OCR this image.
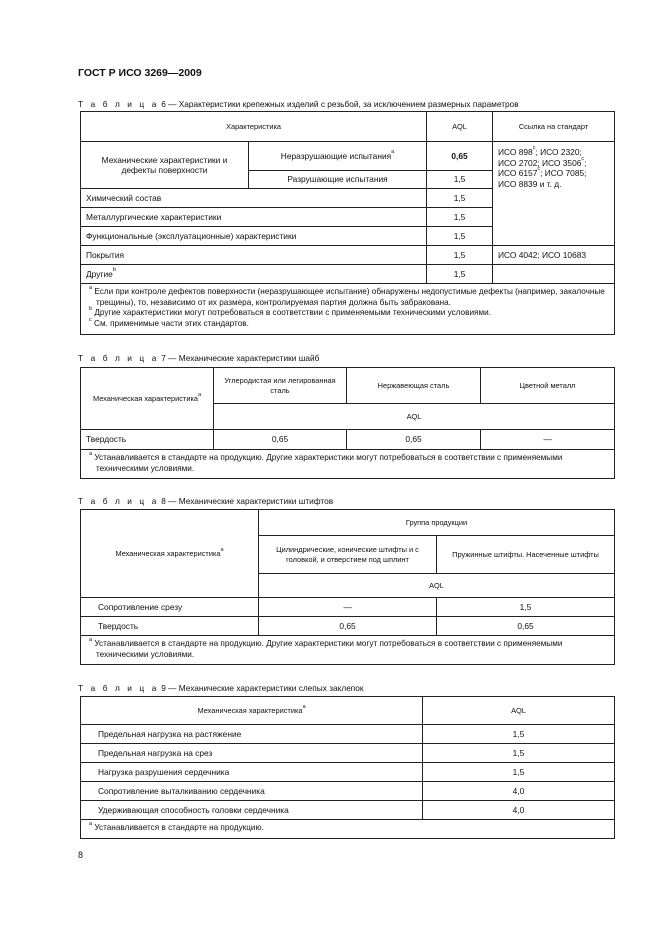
ГОСТ Р ИСО 3269—2009
Т а б л и ц а 6 — Характеристики крепежных изделий с резьбой, за исключением размерных параметров
Характеристика		AQL	Ссылка на стандарт
Механические характеристики и дефекты поверхности	Неразрушающие испытания$^a$	0,65	ИСО 898$^c$; ИСО 2320;
ИСО 2702; ИСО 3506$^c$;
ИСО 6157$^c$; ИСО 7085;
ИСО 8839 и т. д.

	Разрушающие испытания	1,5	
Химический состав		1,5	
Металлургические характеристики		1,5	
Функциональные (эксплуатационные) характеристики		1,5	
Покрытия		1,5	ИСО 4042; ИСО 10683
Другие$^b$		1,5	

$^a$ Если при контроле дефектов поверхности (неразрушающее испытание) обнаружены недопустимые дефекты (например, закалочные трещины), то, независимо от их размера, контролируемая партия должна быть забракована.
$^b$ Другие характеристики могут потребоваться в соответствии с применяемыми техническими условиями.
$^c$ См. применимые части этих стандартов.			
Т а б л и ц а 7 — Механические характеристики шайб
Механическая характеристика$^a$	Углеродистая или легированная сталь	Нержавеющая сталь	Цветной металл
	AQL		
Твердость	0,65	0,65	—

$^a$ Устанавливается в стандарте на продукцию. Другие характеристики могут потребоваться в соответствии с применяемыми техническими условиями.			
Т а б л и ц а 8 — Механические характеристики штифтов
Механическая характеристика$^a$	Группа продукции	
	Цилиндрические, конические штифты и с головкой, и отверстием под шплинт	Пружинные штифты. Насеченные штифты
	AQL	
Сопротивление срезу	—	1,5
Твердость	0,65	0,65

$^a$ Устанавливается в стандарте на продукцию. Другие характеристики могут потребоваться в соответствии с применяемыми техническими условиями.		
Т а б л и ц а 9 — Механические характеристики слепых заклепок
Механическая характеристика$^a$	AQL
Предельная нагрузка на растяжение	1,5
Предельная нагрузка на срез	1,5
Нагрузка разрушения сердечника	1,5
Сопротивление выталкиванию сердечника	4,0
Удерживающая способность головки сердечника	4,0

$^a$ Устанавливается в стандарте на продукцию.	
8
